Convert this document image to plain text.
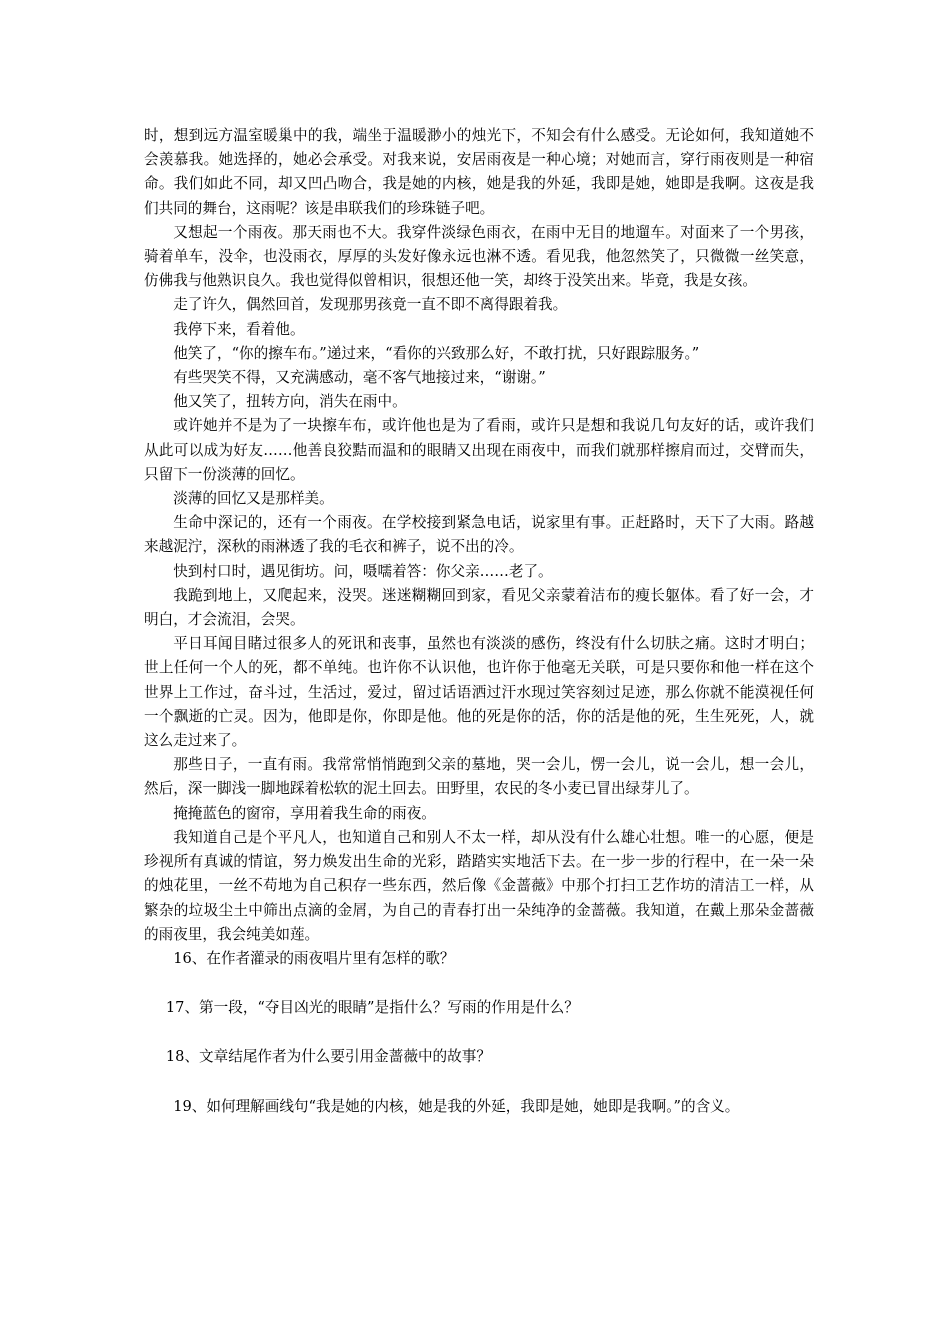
时，想到远方温室暖巢中的我，端坐于温暖渺小的烛光下，不知会有什么感受。无论如何，我知道她不会羡慕我。她选择的，她必会承受。对我来说，安居雨夜是一种心境；对她而言，穿行雨夜则是一种宿命。我们如此不同，却又凹凸吻合，我是她的内核，她是我的外延，我即是她，她即是我啊。这夜是我们共同的舞台，这雨呢？该是串联我们的珍珠链子吧。

又想起一个雨夜。那天雨也不大。我穿件淡绿色雨衣，在雨中无目的地遛车。对面来了一个男孩，骑着单车，没伞，也没雨衣，厚厚的头发好像永远也淋不透。看见我，他忽然笑了，只微微一丝笑意，仿佛我与他熟识良久。我也觉得似曾相识，很想还他一笑，却终于没笑出来。毕竟，我是女孩。

走了许久，偶然回首，发现那男孩竟一直不即不离得跟着我。

我停下来，看着他。

他笑了，“你的擦车布。”递过来，“看你的兴致那么好，不敢打扰，只好跟踪服务。”

有些哭笑不得，又充满感动，毫不客气地接过来，“谢谢。”

他又笑了，扭转方向，消失在雨中。

或许她并不是为了一块擦车布，或许他也是为了看雨，或许只是想和我说几句友好的话，或许我们从此可以成为好友……他善良狡黠而温和的眼睛又出现在雨夜中，而我们就那样擦肩而过，交臂而失，只留下一份淡薄的回忆。

淡薄的回忆又是那样美。

生命中深记的，还有一个雨夜。在学校接到紧急电话，说家里有事。正赶路时，天下了大雨。路越来越泥泞，深秋的雨淋透了我的毛衣和裤子，说不出的冷。

快到村口时，遇见街坊。问，嗫嚅着答：你父亲……老了。

我跪到地上，又爬起来，没哭。迷迷糊糊回到家，看见父亲蒙着洁布的瘦长躯体。看了好一会，才明白，才会流泪，会哭。

平日耳闻目睹过很多人的死讯和丧事，虽然也有淡淡的感伤，终没有什么切肤之痛。这时才明白；世上任何一个人的死，都不单纯。也许你不认识他，也许你于他毫无关联，可是只要你和他一样在这个世界上工作过，奋斗过，生活过，爱过，留过话语洒过汗水现过笑容刻过足迹，那么你就不能漠视任何一个飘逝的亡灵。因为，他即是你，你即是他。他的死是你的活，你的活是他的死，生生死死，人，就这么走过来了。

那些日子，一直有雨。我常常悄悄跑到父亲的墓地，哭一会儿，愣一会儿，说一会儿，想一会儿，然后，深一脚浅一脚地踩着松软的泥土回去。田野里，农民的冬小麦已冒出绿芽儿了。

掩掩蓝色的窗帘，享用着我生命的雨夜。

我知道自己是个平凡人，也知道自己和别人不太一样，却从没有什么雄心壮想。唯一的心愿，便是珍视所有真诚的情谊，努力焕发出生命的光彩，踏踏实实地活下去。在一步一步的行程中，在一朵一朵的烛花里，一丝不苟地为自己积存一些东西，然后像《金蔷薇》中那个打扫工艺作坊的清洁工一样，从繁杂的垃圾尘土中筛出点滴的金屑，为自己的青春打出一朵纯净的金蔷薇。我知道，在戴上那朵金蔷薇的雨夜里，我会纯美如莲。

16、在作者灌录的雨夜唱片里有怎样的歌？

17、第一段，“夺目凶光的眼睛”是指什么？写雨的作用是什么？

18、文章结尾作者为什么要引用金蔷薇中的故事？

19、如何理解画线句“我是她的内核，她是我的外延，我即是她，她即是我啊。”的含义。
